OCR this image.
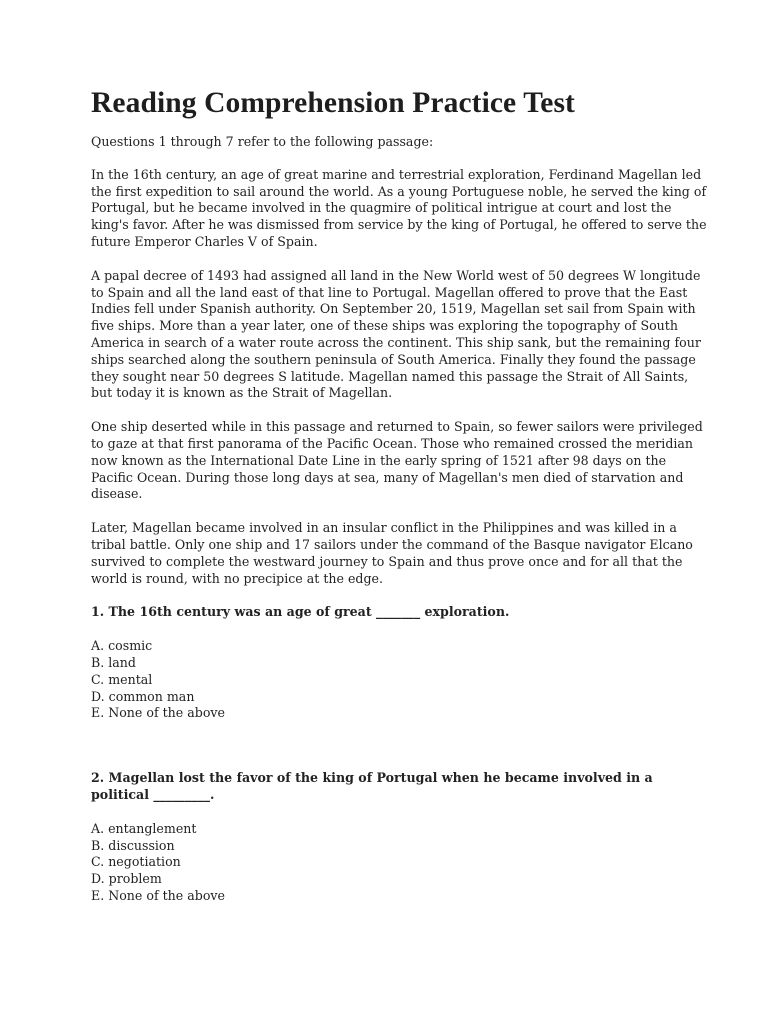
Reading Comprehension Practice Test

Questions 1 through 7 refer to the following passage:

In the 16th century, an age of great marine and terrestrial exploration, Ferdinand Magellan led the first expedition to sail around the world. As a young Portuguese noble, he served the king of Portugal, but he became involved in the quagmire of political intrigue at court and lost the king's favor. After he was dismissed from service by the king of Portugal, he offered to serve the future Emperor Charles V of Spain.

A papal decree of 1493 had assigned all land in the New World west of 50 degrees W longitude to Spain and all the land east of that line to Portugal. Magellan offered to prove that the East Indies fell under Spanish authority. On September 20, 1519, Magellan set sail from Spain with five ships. More than a year later, one of these ships was exploring the topography of South America in search of a water route across the continent. This ship sank, but the remaining four ships searched along the southern peninsula of South America. Finally they found the passage they sought near 50 degrees S latitude. Magellan named this passage the Strait of All Saints, but today it is known as the Strait of Magellan.

One ship deserted while in this passage and returned to Spain, so fewer sailors were privileged to gaze at that first panorama of the Pacific Ocean. Those who remained crossed the meridian now known as the International Date Line in the early spring of 1521 after 98 days on the Pacific Ocean. During those long days at sea, many of Magellan's men died of starvation and disease.

Later, Magellan became involved in an insular conflict in the Philippines and was killed in a tribal battle. Only one ship and 17 sailors under the command of the Basque navigator Elcano survived to complete the westward journey to Spain and thus prove once and for all that the world is round, with no precipice at the edge.

1. The 16th century was an age of great _______ exploration.

A. cosmic
B. land
C. mental
D. common man
E. None of the above

2. Magellan lost the favor of the king of Portugal when he became involved in a political _________.

A. entanglement
B. discussion
C. negotiation
D. problem
E. None of the above
